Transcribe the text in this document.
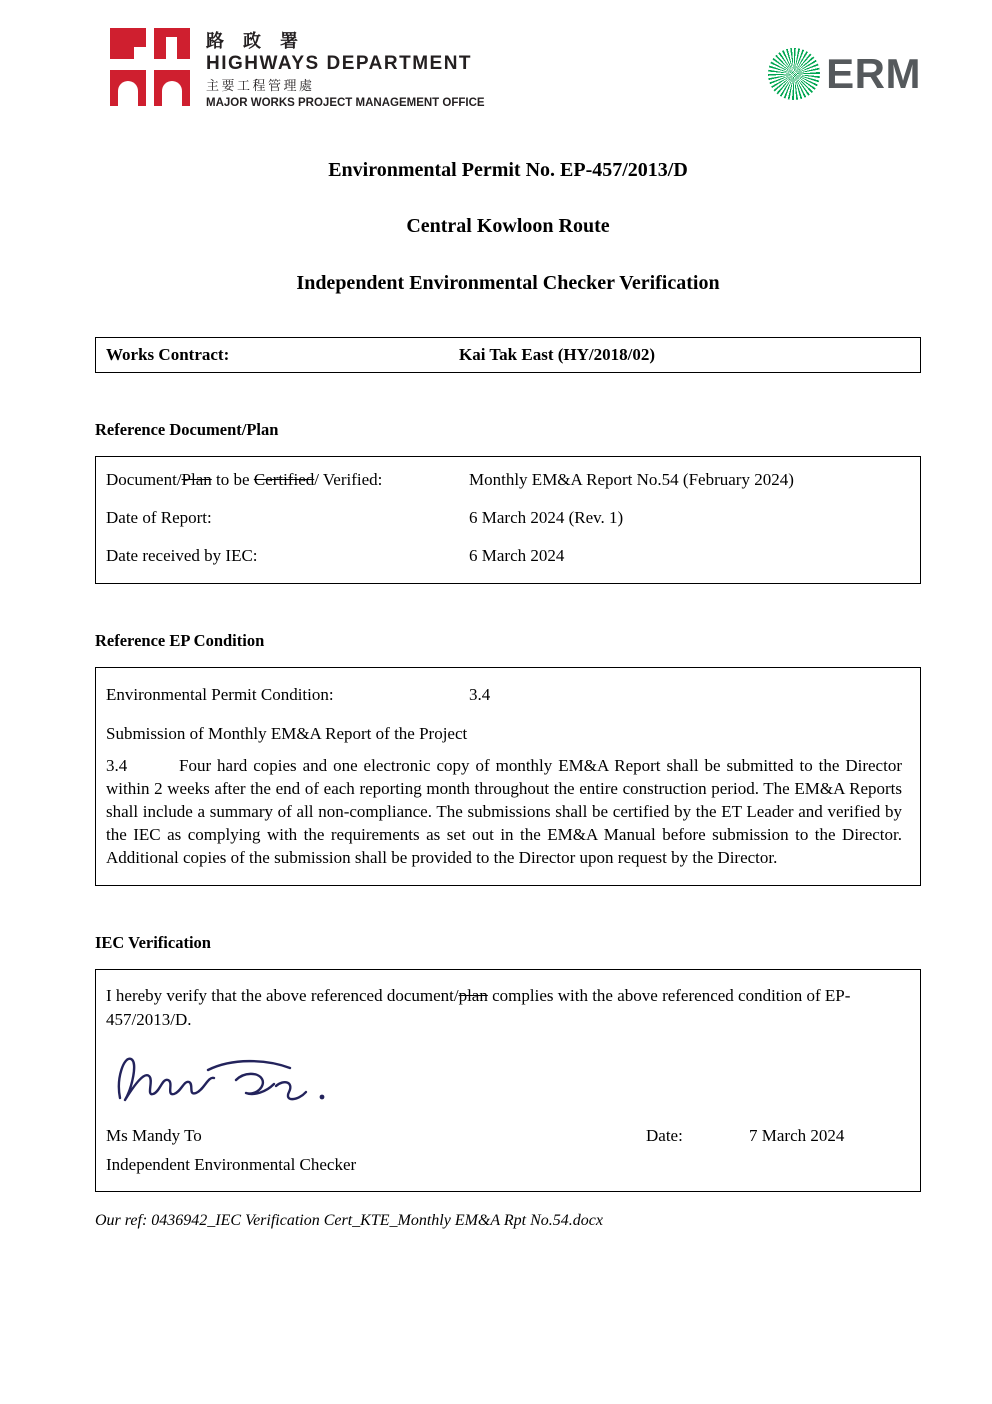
路 政 署
HIGHWAYS DEPARTMENT
主要工程管理處
MAJOR WORKS PROJECT MANAGEMENT OFFICE
ERM
Environmental Permit No. EP-457/2013/D
Central Kowloon Route
Independent Environmental Checker Verification
Works Contract:	Kai Tak East (HY/2018/02)
Reference Document/Plan
Document/Plan to be Certified/ Verified:	Monthly EM&A Report No.54 (February 2024)
Date of Report:	6 March 2024 (Rev. 1)
Date received by IEC:	6 March 2024
Reference EP Condition
Environmental Permit Condition:	3.4
Submission of Monthly EM&A Report of the Project

3.4	Four hard copies and one electronic copy of monthly EM&A Report shall be submitted to the Director within 2 weeks after the end of each reporting month throughout the entire construction period. The EM&A Reports shall include a summary of all non-compliance. The submissions shall be certified by the ET Leader and verified by the IEC as complying with the requirements as set out in the EM&A Manual before submission to the Director. Additional copies of the submission shall be provided to the Director upon request by the Director.

IEC Verification

I hereby verify that the above referenced document/plan complies with the above referenced condition of EP-457/2013/D.

Ms Mandy To	Date:	7 March 2024
Independent Environmental Checker
Our ref: 0436942_IEC Verification Cert_KTE_Monthly EM&A Rpt No.54.docx
